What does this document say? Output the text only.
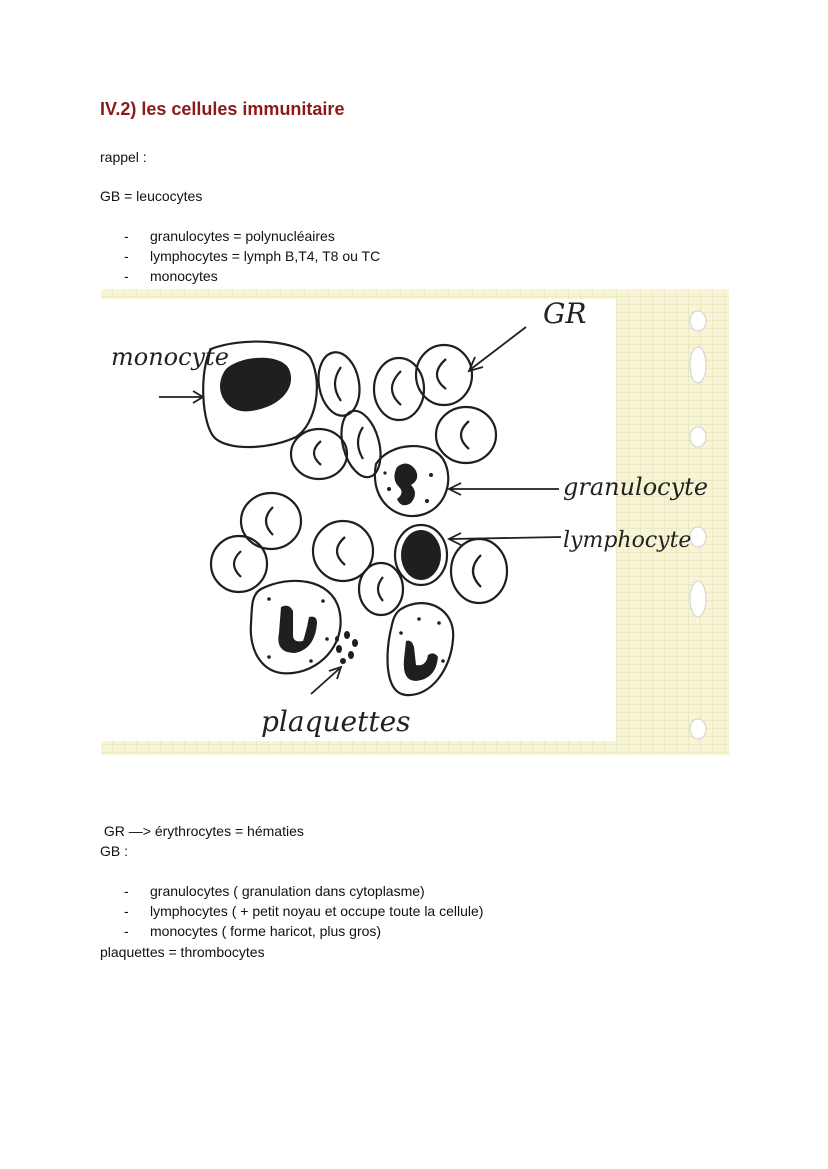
IV.2) les cellules immunitaire
rappel :
GB = leucocytes

- granulocytes = polynucléaires

- lymphocytes = lymph B,T4, T8 ou TC

- monocytes

monocyte
GR
granulocyte
lymphocyte
plaquettes
GR —> érythrocytes = hématies
GB :

- granulocytes ( granulation dans cytoplasme)

- lymphocytes ( + petit noyau et occupe toute la cellule)

- monocytes ( forme haricot, plus gros)

plaquettes = thrombocytes
